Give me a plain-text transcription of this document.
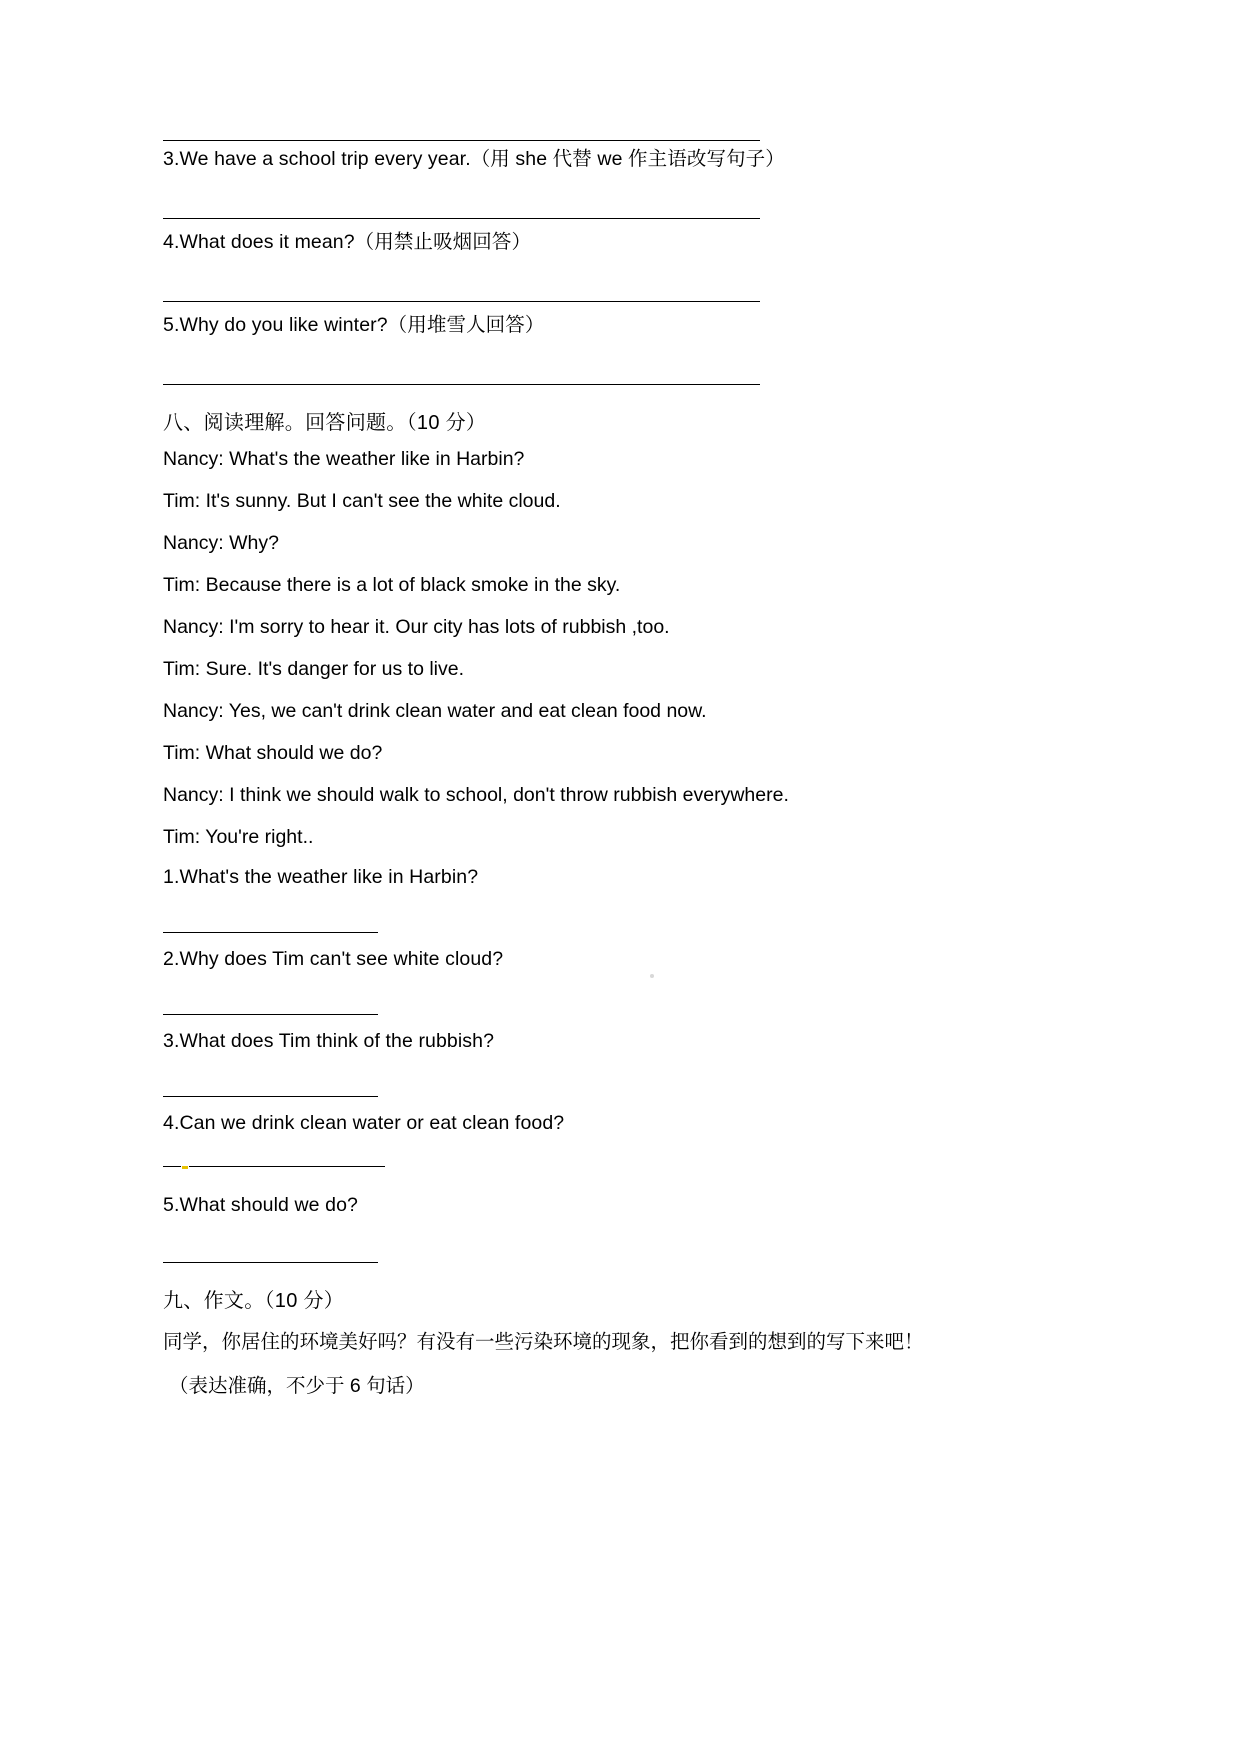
3.We have a school trip every year.（用 she 代替 we 作主语改写句子）
4.What does it mean?（用禁止吸烟回答）
5.Why do you like winter?（用堆雪人回答）
八、阅读理解。回答问题。（10 分）
Nancy: What's the weather like in Harbin?
Tim: It's sunny. But I can't see the white cloud.
Nancy: Why?
Tim: Because there is a lot of black smoke in the sky.
Nancy: I'm sorry to hear it. Our city has lots of rubbish ,too.
Tim: Sure. It's danger for us to live.
Nancy: Yes, we can't drink clean water and eat clean food now.
Tim: What should we do?
Nancy: I think we should walk to school, don't throw rubbish everywhere.
Tim: You're right..
1.What's the weather like in Harbin?
2.Why does Tim can't see white cloud?
3.What does Tim think of the rubbish?
4.Can we drink clean water or eat clean food?
5.What should we do?
九、作文。（10 分）
同学，你居住的环境美好吗？有没有一些污染环境的现象，把你看到的想到的写下来吧！
（表达准确，不少于 6 句话）
